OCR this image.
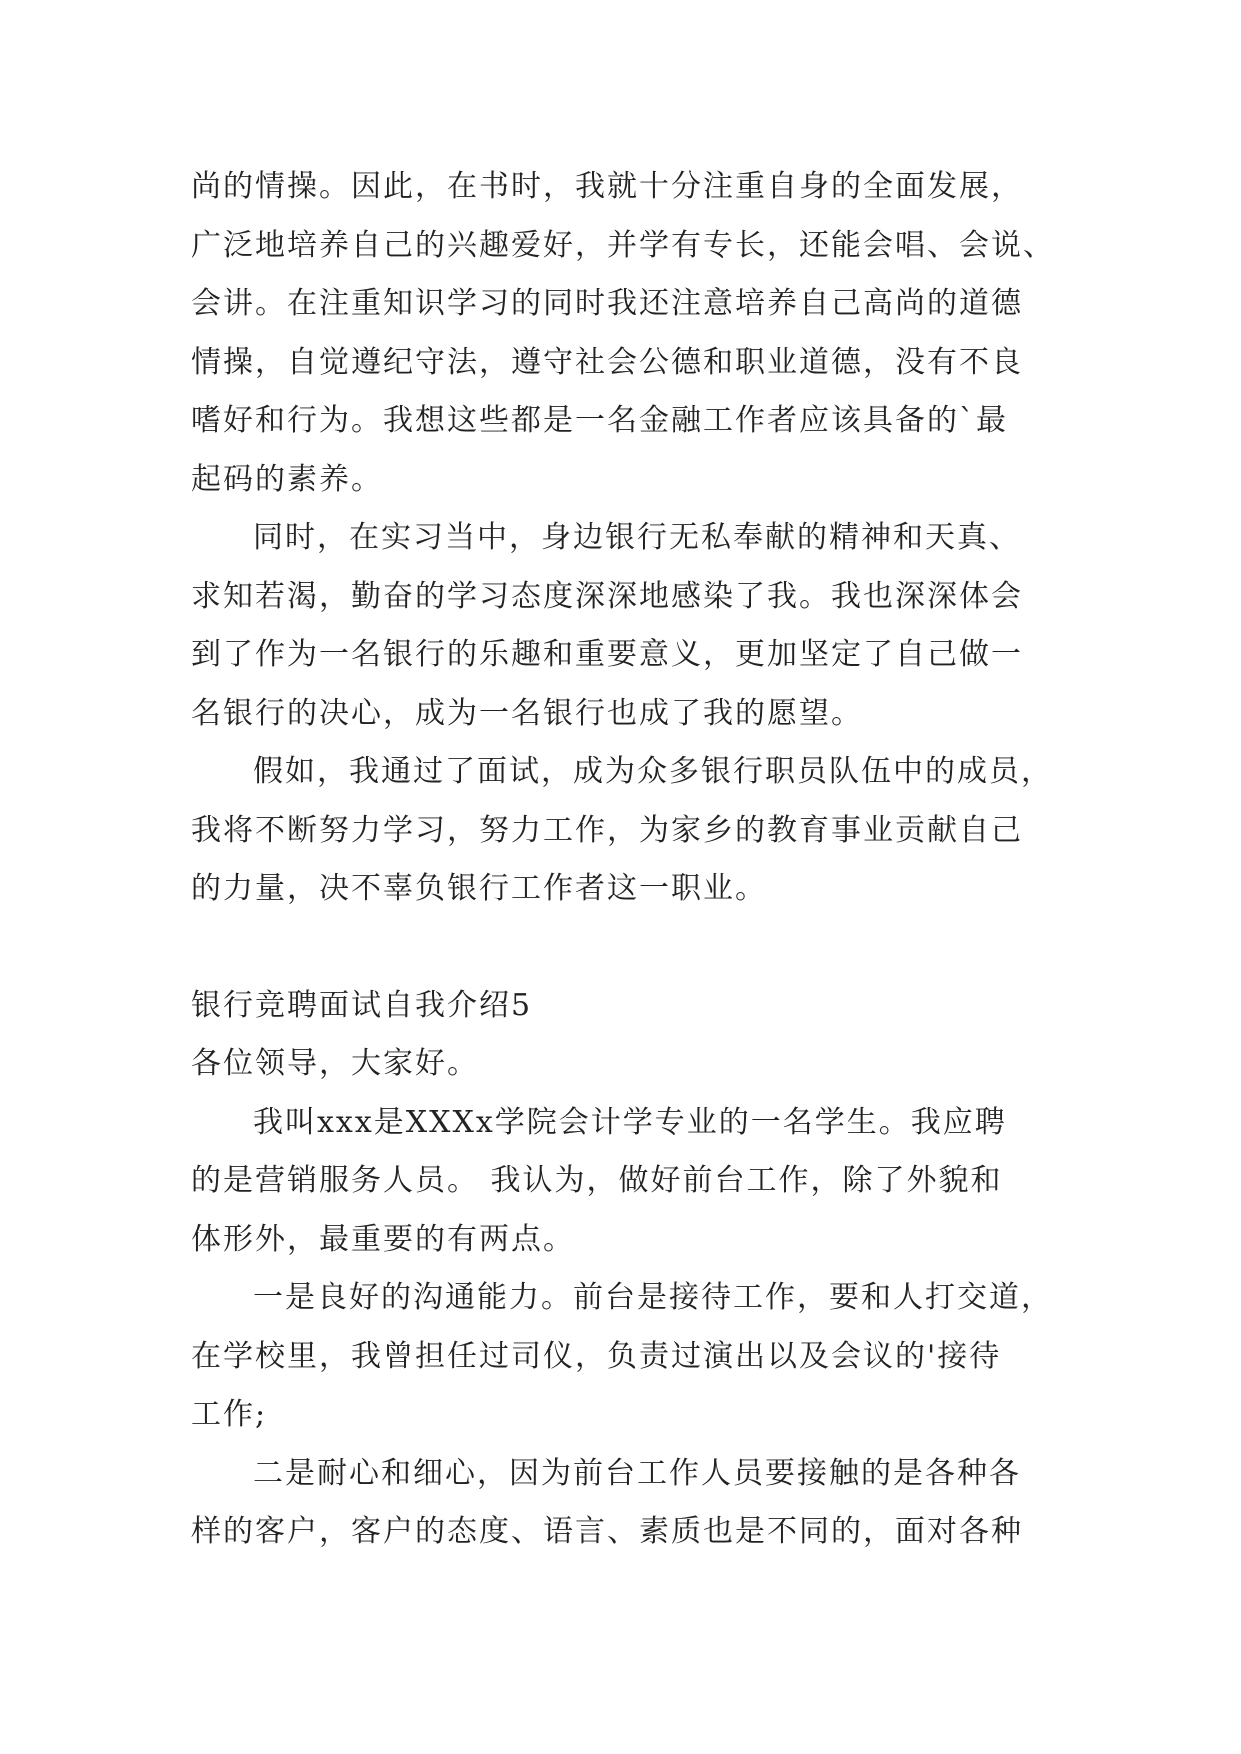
尚的情操。因此，在书时，我就十分注重自身的全面发展，
广泛地培养自己的兴趣爱好，并学有专长，还能会唱、会说、
会讲。在注重知识学习的同时我还注意培养自己高尚的道德
情操，自觉遵纪守法，遵守社会公德和职业道德，没有不良
嗜好和行为。我想这些都是一名金融工作者应该具备的`最
起码的素养。
同时，在实习当中，身边银行无私奉献的精神和天真、
求知若渴，勤奋的学习态度深深地感染了我。我也深深体会
到了作为一名银行的乐趣和重要意义，更加坚定了自己做一
名银行的决心，成为一名银行也成了我的愿望。
假如，我通过了面试，成为众多银行职员队伍中的成员，
我将不断努力学习，努力工作，为家乡的教育事业贡献自己
的力量，决不辜负银行工作者这一职业。
银行竞聘面试自我介绍5
各位领导，大家好。
我叫xxx是XXXx学院会计学专业的一名学生。我应聘
的是营销服务人员。 我认为，做好前台工作，除了外貌和
体形外，最重要的有两点。
一是良好的沟通能力。前台是接待工作，要和人打交道，
在学校里，我曾担任过司仪，负责过演出以及会议的'接待
工作;
二是耐心和细心，因为前台工作人员要接触的是各种各
样的客户，客户的态度、语言、素质也是不同的，面对各种
